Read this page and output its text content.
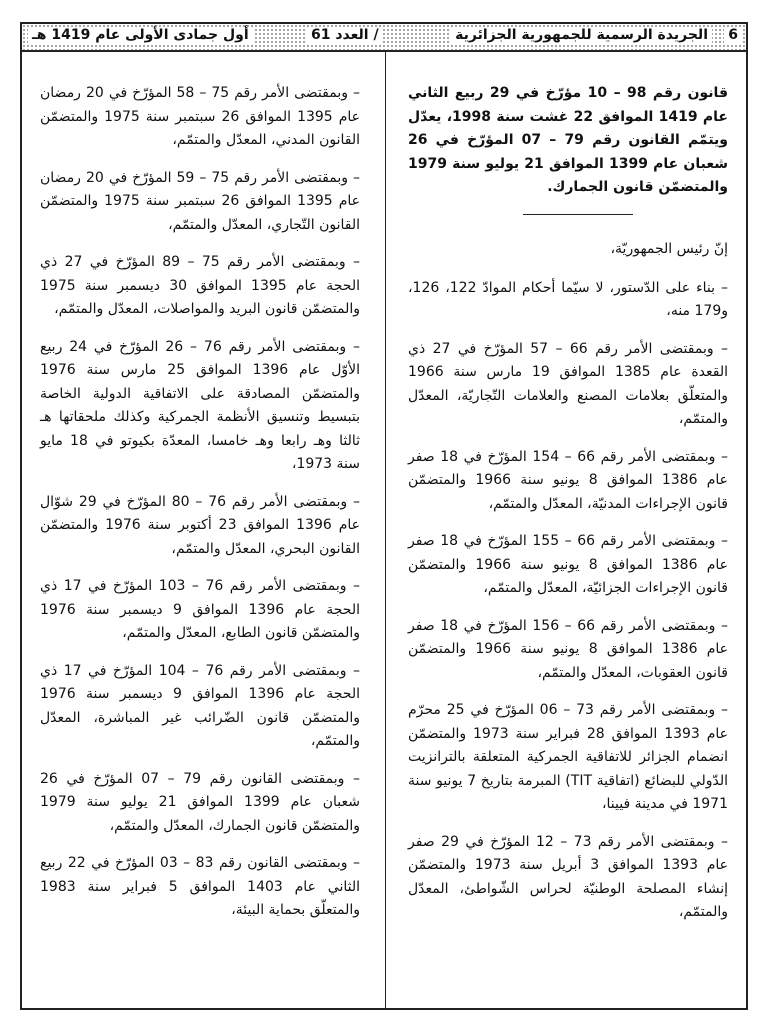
6
الجريدة الرسمية للجمهورية الجزائرية
/ العدد 61
أول جمادى الأولى عام 1419 هـ

قانون رقم 98 – 10 مؤرّخ في 29 ربيع الثاني عام 1419 الموافق 22 غشت سنة 1998، يعدّل ويتمّم القانون رقم 79 – 07 المؤرّخ في 26 شعبان عام 1399 الموافق 21 يوليو سنة 1979 والمتضمّن قانون الجمارك.

إنّ رئيس الجمهوريّة،

– بناء على الدّستور، لا سيّما أحكام الموادّ 122، 126، و179 منه،

– وبمقتضى الأمر رقم 66 – 57 المؤرّخ في 27 ذي القعدة عام 1385 الموافق 19 مارس سنة 1966 والمتعلّق بعلامات المصنع والعلامات التّجاريّة، المعدّل والمتمّم،

– وبمقتضى الأمر رقم 66 – 154 المؤرّخ في 18 صفر عام 1386 الموافق 8 يونيو سنة 1966 والمتضمّن قانون الإجراءات المدنيّة، المعدّل والمتمّم،

– وبمقتضى الأمر رقم 66 – 155 المؤرّخ في 18 صفر عام 1386 الموافق 8 يونيو سنة 1966 والمتضمّن قانون الإجراءات الجزائيّة، المعدّل والمتمّم،

– وبمقتضى الأمر رقم 66 – 156 المؤرّخ في 18 صفر عام 1386 الموافق 8 يونيو سنة 1966 والمتضمّن قانون العقوبات، المعدّل والمتمّم،

– وبمقتضى الأمر رقم 73 – 06 المؤرّخ في 25 محرّم عام 1393 الموافق 28 فبراير سنة 1973 والمتضمّن انضمام الجزائر للاتفاقية الجمركية المتعلقة بالترانزيت الدّولي للبضائع (اتفاقية TIT) المبرمة بتاريخ 7 يونيو سنة 1971 في مدينة فيينا،

– وبمقتضى الأمر رقم 73 – 12 المؤرّخ في 29 صفر عام 1393 الموافق 3 أبريل سنة 1973 والمتضمّن إنشاء المصلحة الوطنيّة لحراس الشّواطئ، المعدّل والمتمّم،

– وبمقتضى الأمر رقم 75 – 58 المؤرّخ في 20 رمضان عام 1395 الموافق 26 سبتمبر سنة 1975 والمتضمّن القانون المدني، المعدّل والمتمّم،

– وبمقتضى الأمر رقم 75 – 59 المؤرّخ في 20 رمضان عام 1395 الموافق 26 سبتمبر سنة 1975 والمتضمّن القانون التّجاري، المعدّل والمتمّم،

– وبمقتضى الأمر رقم 75 – 89 المؤرّخ في 27 ذي الحجة عام 1395 الموافق 30 ديسمبر سنة 1975 والمتضمّن قانون البريد والمواصلات، المعدّل والمتمّم،

– وبمقتضى الأمر رقم 76 – 26 المؤرّخ في 24 ربيع الأوّل عام 1396 الموافق 25 مارس سنة 1976 والمتضمّن المصادقة على الاتفاقية الدولية الخاصة بتبسيط وتنسيق الأنظمة الجمركية وكذلك ملحقاتها هـ ثالثا وهـ رابعا وهـ خامسا، المعدّة بكيوتو في 18 مايو سنة 1973،

– وبمقتضى الأمر رقم 76 – 80 المؤرّخ في 29 شوّال عام 1396 الموافق 23 أكتوبر سنة 1976 والمتضمّن القانون البحري، المعدّل والمتمّم،

– وبمقتضى الأمر رقم 76 – 103 المؤرّخ في 17 ذي الحجة عام 1396 الموافق 9 ديسمبر سنة 1976 والمتضمّن قانون الطابع، المعدّل والمتمّم،

– وبمقتضى الأمر رقم 76 – 104 المؤرّخ في 17 ذي الحجة عام 1396 الموافق 9 ديسمبر سنة 1976 والمتضمّن قانون الضّرائب غير المباشرة، المعدّل والمتمّم،

– وبمقتضى القانون رقم 79 – 07 المؤرّخ في 26 شعبان عام 1399 الموافق 21 يوليو سنة 1979 والمتضمّن قانون الجمارك، المعدّل والمتمّم،

– وبمقتضى القانون رقم 83 – 03 المؤرّخ في 22 ربيع الثاني عام 1403 الموافق 5 فبراير سنة 1983 والمتعلّق بحماية البيئة،
